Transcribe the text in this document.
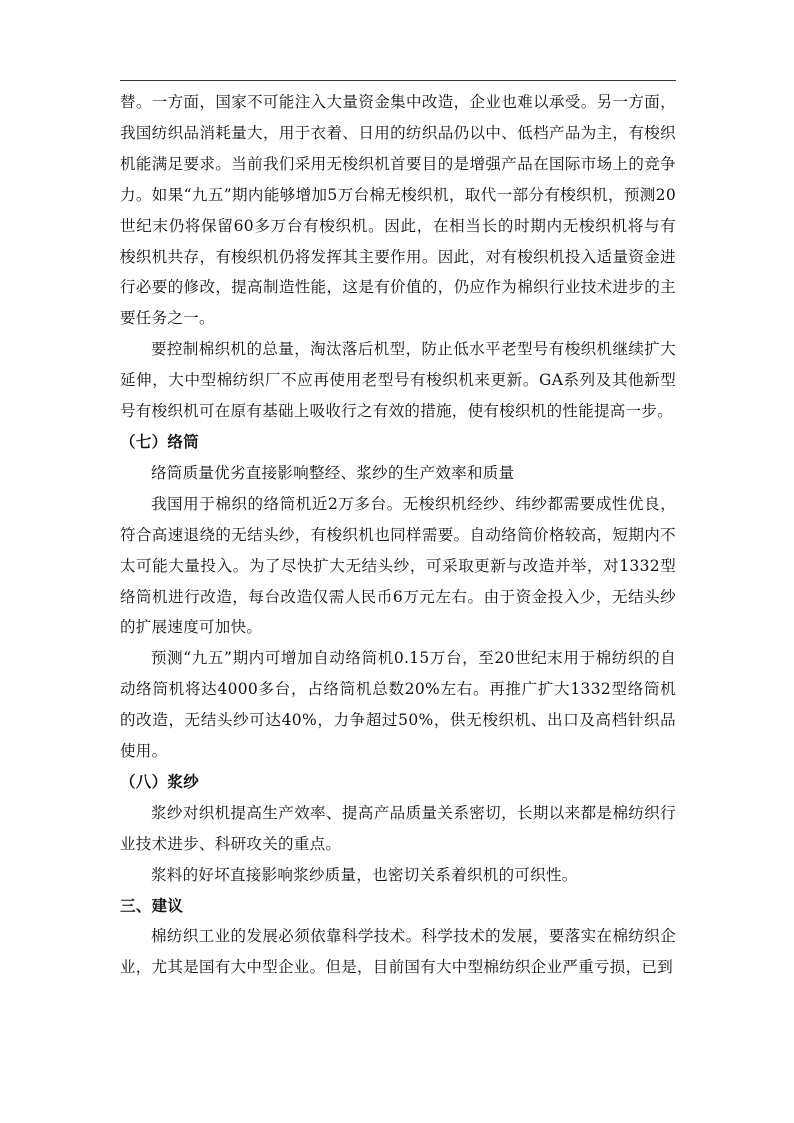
替。一方面，国家不可能注入大量资金集中改造，企业也难以承受。另一方面，我国纺织品消耗量大，用于衣着、日用的纺织品仍以中、低档产品为主，有梭织机能满足要求。当前我们采用无梭织机首要目的是增强产品在国际市场上的竞争力。如果“九五”期内能够增加5万台棉无梭织机，取代一部分有梭织机，预测20世纪末仍将保留60多万台有梭织机。因此，在相当长的时期内无梭织机将与有梭织机共存，有梭织机仍将发挥其主要作用。因此，对有梭织机投入适量资金进行必要的修改，提高制造性能，这是有价值的，仍应作为棉织行业技术进步的主要任务之一。

要控制棉织机的总量，淘汰落后机型，防止低水平老型号有梭织机继续扩大延伸，大中型棉纺织厂不应再使用老型号有梭织机来更新。GA系列及其他新型号有梭织机可在原有基础上吸收行之有效的措施，使有梭织机的性能提高一步。

（七）络筒

络筒质量优劣直接影响整经、浆纱的生产效率和质量

我国用于棉织的络筒机近2万多台。无梭织机经纱、纬纱都需要成性优良，符合高速退绕的无结头纱，有梭织机也同样需要。自动络筒价格较高，短期内不太可能大量投入。为了尽快扩大无结头纱，可采取更新与改造并举，对1332型络筒机进行改造，每台改造仅需人民币6万元左右。由于资金投入少，无结头纱的扩展速度可加快。

预测“九五”期内可增加自动络筒机0.15万台，至20世纪末用于棉纺织的自动络筒机将达4000多台，占络筒机总数20%左右。再推广扩大1332型络筒机的改造，无结头纱可达40%，力争超过50%，供无梭织机、出口及高档针织品使用。

（八）浆纱

浆纱对织机提高生产效率、提高产品质量关系密切，长期以来都是棉纺织行业技术进步、科研攻关的重点。

浆料的好坏直接影响浆纱质量，也密切关系着织机的可织性。

三、建议

棉纺织工业的发展必须依靠科学技术。科学技术的发展，要落实在棉纺织企业，尤其是国有大中型企业。但是，目前国有大中型棉纺织企业严重亏损，已到
